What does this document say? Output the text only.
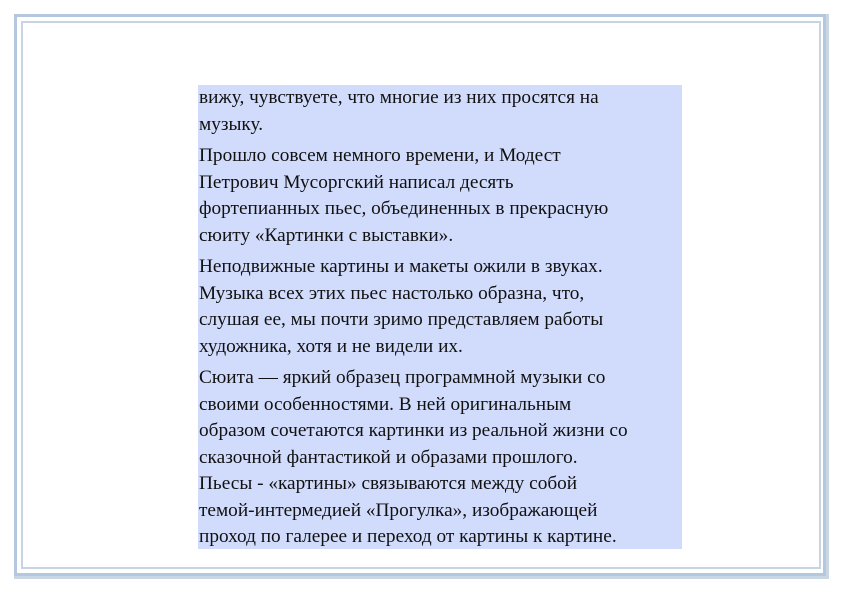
вижу, чувствуете, что многие из них просятся на
музыку.

Прошло совсем немного времени, и Модест
Петрович Мусоргский написал десять
фортепианных пьес, объединенных в прекрасную
сюиту «Картинки с выставки».

Неподвижные картины и макеты ожили в звуках.
Музыка всех этих пьес настолько образна, что,
слушая ее, мы почти зримо представляем работы
художника, хотя и не видели их.

Сюита — яркий образец программной музыки со
своими особенностями. В ней оригинальным
образом сочетаются картинки из реальной жизни со
сказочной фантастикой и образами прошлого.
Пьесы - «картины» связываются между собой
темой-интермедией «Прогулка», изображающей
проход по галерее и переход от картины к картине.
